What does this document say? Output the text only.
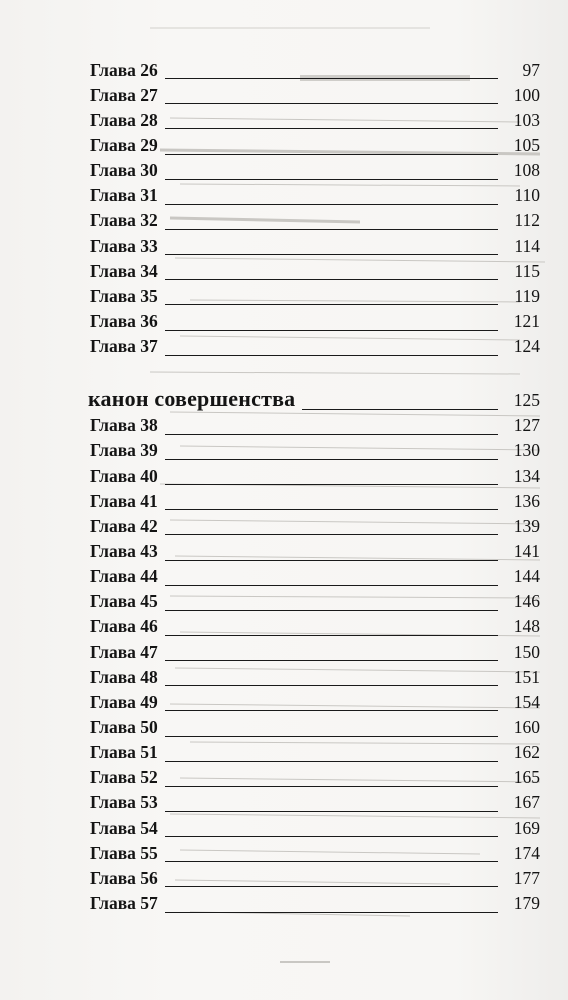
Глава 26	97
Глава 27	100
Глава 28	103
Глава 29	105
Глава 30	108
Глава 31	110
Глава 32	112
Глава 33	114
Глава 34	115
Глава 35	119
Глава 36	121
Глава 37	124
канон совершенства	125
Глава 38	127
Глава 39	130
Глава 40	134
Глава 41	136
Глава 42	139
Глава 43	141
Глава 44	144
Глава 45	146
Глава 46	148
Глава 47	150
Глава 48	151
Глава 49	154
Глава 50	160
Глава 51	162
Глава 52	165
Глава 53	167
Глава 54	169
Глава 55	174
Глава 56	177
Глава 57	179
